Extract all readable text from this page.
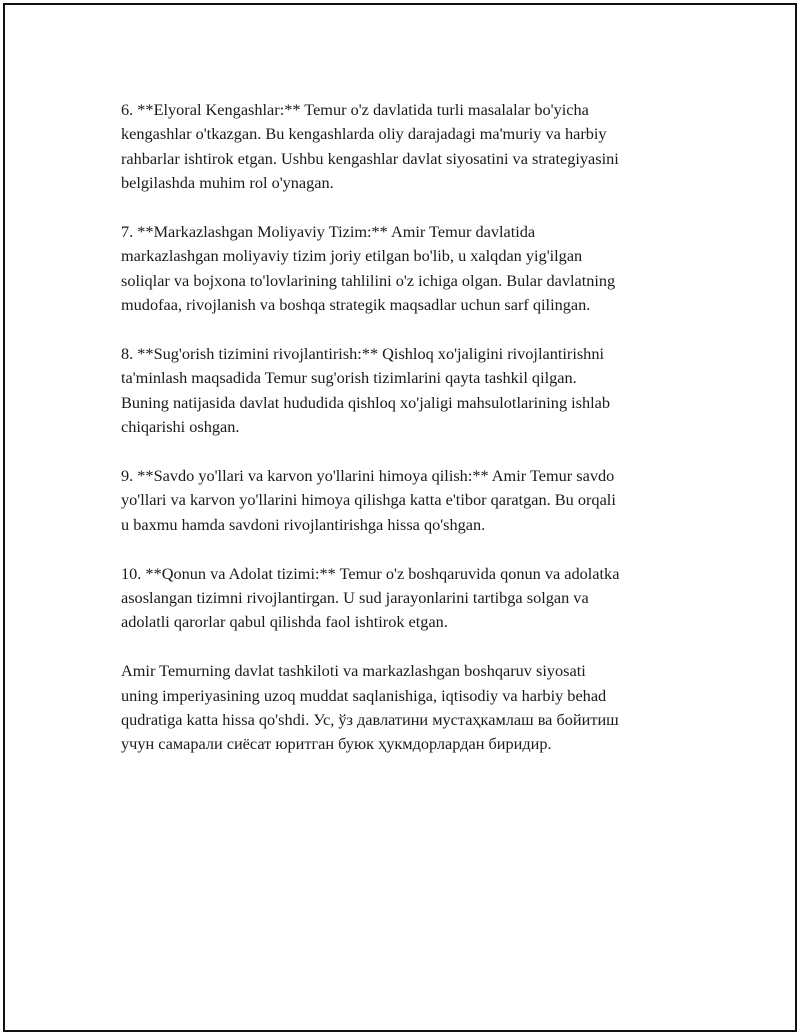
6. **Elyoral Kengashlar:** Temur o'z davlatida turli masalalar bo'yicha
kengashlar o'tkazgan. Bu kengashlarda oliy darajadagi ma'muriy va harbiy
rahbarlar ishtirok etgan. Ushbu kengashlar davlat siyosatini va strategiyasini
belgilashda muhim rol o'ynagan.

7. **Markazlashgan Moliyaviy Tizim:** Amir Temur davlatida
markazlashgan moliyaviy tizim joriy etilgan bo'lib, u xalqdan yig'ilgan
soliqlar va bojxona to'lovlarining tahlilini o'z ichiga olgan. Bular davlatning
mudofaa, rivojlanish va boshqa strategik maqsadlar uchun sarf qilingan.

8. **Sug'orish tizimini rivojlantirish:** Qishloq xo'jaligini rivojlantirishni
ta'minlash maqsadida Temur sug'orish tizimlarini qayta tashkil qilgan.
Buning natijasida davlat hududida qishloq xo'jaligi mahsulotlarining ishlab
chiqarishi oshgan.

9. **Savdo yo'llari va karvon yo'llarini himoya qilish:** Amir Temur savdo
yo'llari va karvon yo'llarini himoya qilishga katta e'tibor qaratgan. Bu orqali
u baxmu hamda savdoni rivojlantirishga hissa qo'shgan.

10. **Qonun va Adolat tizimi:** Temur o'z boshqaruvida qonun va adolatka
asoslangan tizimni rivojlantirgan. U sud jarayonlarini tartibga solgan va
adolatli qarorlar qabul qilishda faol ishtirok etgan.

Amir Temurning davlat tashkiloti va markazlashgan boshqaruv siyosati
uning imperiyasining uzoq muddat saqlanishiga, iqtisodiy va harbiy behad
qudratiga katta hissa qo'shdi. Ус, ўз давлатини мустаҳкамлаш ва бойитиш
учун самарали сиёсат юритган буюк ҳукмдорлардан биридир.
